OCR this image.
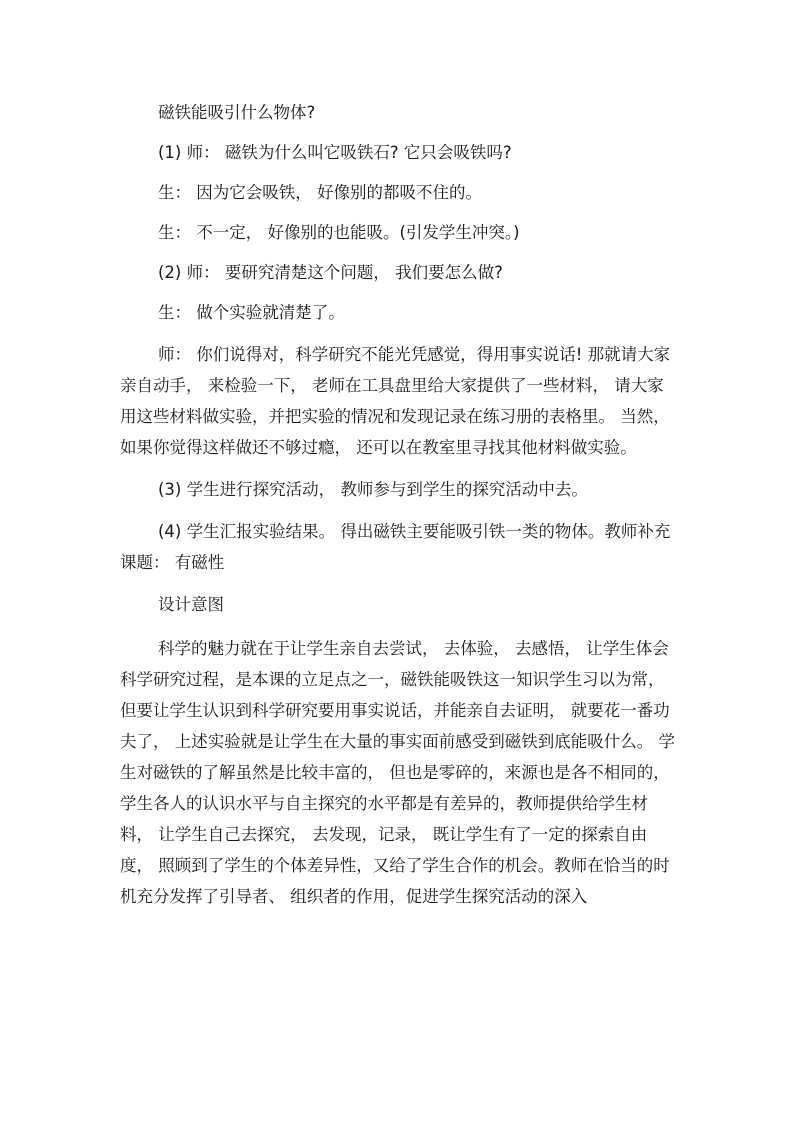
磁铁能吸引什么物体?

(1) 师： 磁铁为什么叫它吸铁石? 它只会吸铁吗?

生： 因为它会吸铁， 好像别的都吸不住的。

生： 不一定， 好像别的也能吸。(引发学生冲突。)

(2) 师： 要研究清楚这个问题， 我们要怎么做?

生： 做个实验就清楚了。

师： 你们说得对，科学研究不能光凭感觉，得用事实说话! 那就请大家亲自动手， 来检验一下， 老师在工具盘里给大家提供了一些材料， 请大家用这些材料做实验，并把实验的情况和发现记录在练习册的表格里。 当然， 如果你觉得这样做还不够过瘾， 还可以在教室里寻找其他材料做实验。

(3) 学生进行探究活动， 教师参与到学生的探究活动中去。

(4) 学生汇报实验结果。 得出磁铁主要能吸引铁一类的物体。教师补充课题： 有磁性

设计意图

科学的魅力就在于让学生亲自去尝试， 去体验， 去感悟， 让学生体会科学研究过程，是本课的立足点之一，磁铁能吸铁这一知识学生习以为常， 但要让学生认识到科学研究要用事实说话，并能亲自去证明， 就要花一番功夫了， 上述实验就是让学生在大量的事实面前感受到磁铁到底能吸什么。 学生对磁铁的了解虽然是比较丰富的， 但也是零碎的，来源也是各不相同的，学生各人的认识水平与自主探究的水平都是有差异的，教师提供给学生材料， 让学生自己去探究， 去发现，记录， 既让学生有了一定的探索自由度， 照顾到了学生的个体差异性，又给了学生合作的机会。教师在恰当的时机充分发挥了引导者、 组织者的作用，促进学生探究活动的深入
